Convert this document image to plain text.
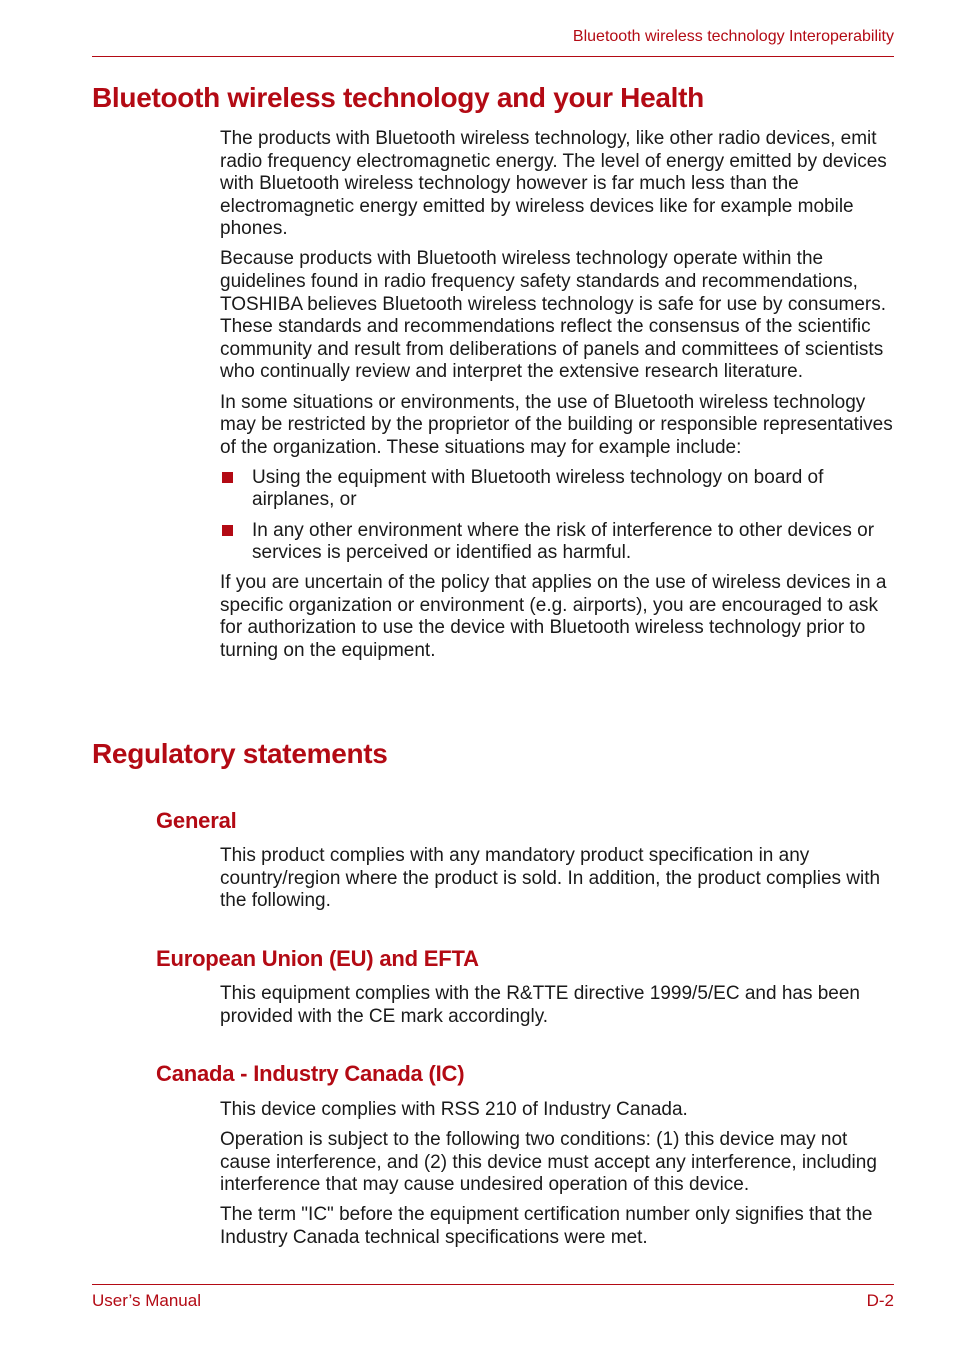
Bluetooth wireless technology Interoperability
Bluetooth wireless technology and your Health

The products with Bluetooth wireless technology, like other radio devices, emit radio frequency electromagnetic energy. The level of energy emitted by devices with Bluetooth wireless technology however is far much less than the electromagnetic energy emitted by wireless devices like for example mobile phones.

Because products with Bluetooth wireless technology operate within the guidelines found in radio frequency safety standards and recommendations, TOSHIBA believes Bluetooth wireless technology is safe for use by consumers. These standards and recommendations reflect the consensus of the scientific community and result from deliberations of panels and committees of scientists who continually review and interpret the extensive research literature.

In some situations or environments, the use of Bluetooth wireless technology may be restricted by the proprietor of the building or responsible representatives of the organization. These situations may for example include:

Using the equipment with Bluetooth wireless technology on board of airplanes, or
In any other environment where the risk of interference to other devices or services is perceived or identified as harmful.

If you are uncertain of the policy that applies on the use of wireless devices in a specific organization or environment (e.g. airports), you are encouraged to ask for authorization to use the device with Bluetooth wireless technology prior to turning on the equipment.

Regulatory statements
General

This product complies with any mandatory product specification in any country/region where the product is sold. In addition, the product complies with the following.

European Union (EU) and EFTA

This equipment complies with the R&TTE directive 1999/5/EC and has been provided with the CE mark accordingly.

Canada - Industry Canada (IC)

This device complies with RSS 210 of Industry Canada.

Operation is subject to the following two conditions: (1) this device may not cause interference, and (2) this device must accept any interference, including interference that may cause undesired operation of this device.

The term "IC" before the equipment certification number only signifies that the Industry Canada technical specifications were met.

User’s Manual	D-2
